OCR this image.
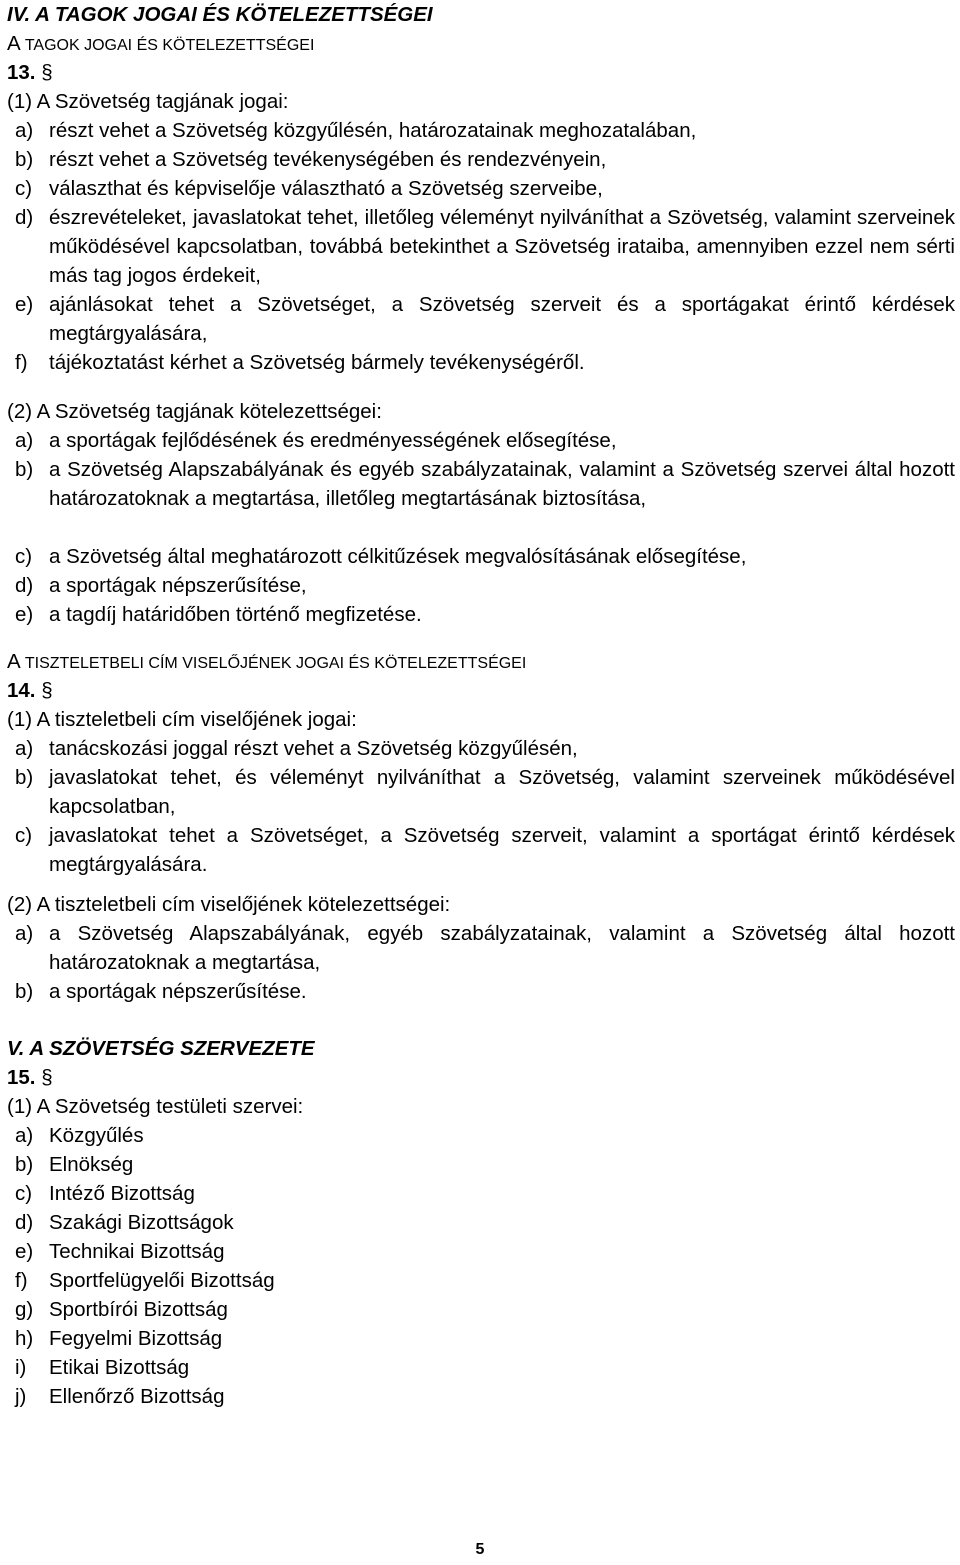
IV. A TAGOK JOGAI ÉS KÖTELEZETTSÉGEI
A TAGOK JOGAI ÉS KÖTELEZETTSÉGEI
13. §
(1) A Szövetség tagjának jogai:
a) részt vehet a Szövetség közgyűlésén, határozatainak meghozatalában,
b) részt vehet a Szövetség tevékenységében és rendezvényein,
c) választhat és képviselője választható a Szövetség szerveibe,
d) észrevételeket, javaslatokat tehet, illetőleg véleményt nyilváníthat a Szövetség, valamint szerveinek működésével kapcsolatban, továbbá betekinthet a Szövetség irataiba, amennyiben ezzel nem sérti más tag jogos érdekeit,
e) ajánlásokat tehet a Szövetséget, a Szövetség szerveit és a sportágakat érintő kérdések megtárgyalására,
f) tájékoztatást kérhet a Szövetség bármely tevékenységéről.
(2) A Szövetség tagjának kötelezettségei:
a) a sportágak fejlődésének és eredményességének elősegítése,
b) a Szövetség Alapszabályának és egyéb szabályzatainak, valamint a Szövetség szervei által hozott határozatoknak a megtartása, illetőleg megtartásának biztosítása,
c) a Szövetség által meghatározott célkitűzések megvalósításának elősegítése,
d) a sportágak népszerűsítése,
e) a tagdíj határidőben történő megfizetése.
A TISZTELETBELI CÍM VISELŐJÉNEK JOGAI ÉS KÖTELEZETTSÉGEI
14. §
(1) A tiszteletbeli cím viselőjének jogai:
a) tanácskozási joggal részt vehet a Szövetség közgyűlésén,
b) javaslatokat tehet, és véleményt nyilváníthat a Szövetség, valamint szerveinek működésével kapcsolatban,
c) javaslatokat tehet a Szövetséget, a Szövetség szerveit, valamint a sportágat érintő kérdések megtárgyalására.
(2) A tiszteletbeli cím viselőjének kötelezettségei:
a) a Szövetség Alapszabályának, egyéb szabályzatainak, valamint a Szövetség által hozott határozatoknak a megtartása,
b) a sportágak népszerűsítése.
V. A SZÖVETSÉG SZERVEZETE
15. §
(1) A Szövetség testületi szervei:
a) Közgyűlés
b) Elnökség
c) Intéző Bizottság
d) Szakági Bizottságok
e) Technikai Bizottság
f) Sportfelügyelői Bizottság
g) Sportbírói Bizottság
h) Fegyelmi Bizottság
i) Etikai Bizottság
j) Ellenőrző Bizottság
5
